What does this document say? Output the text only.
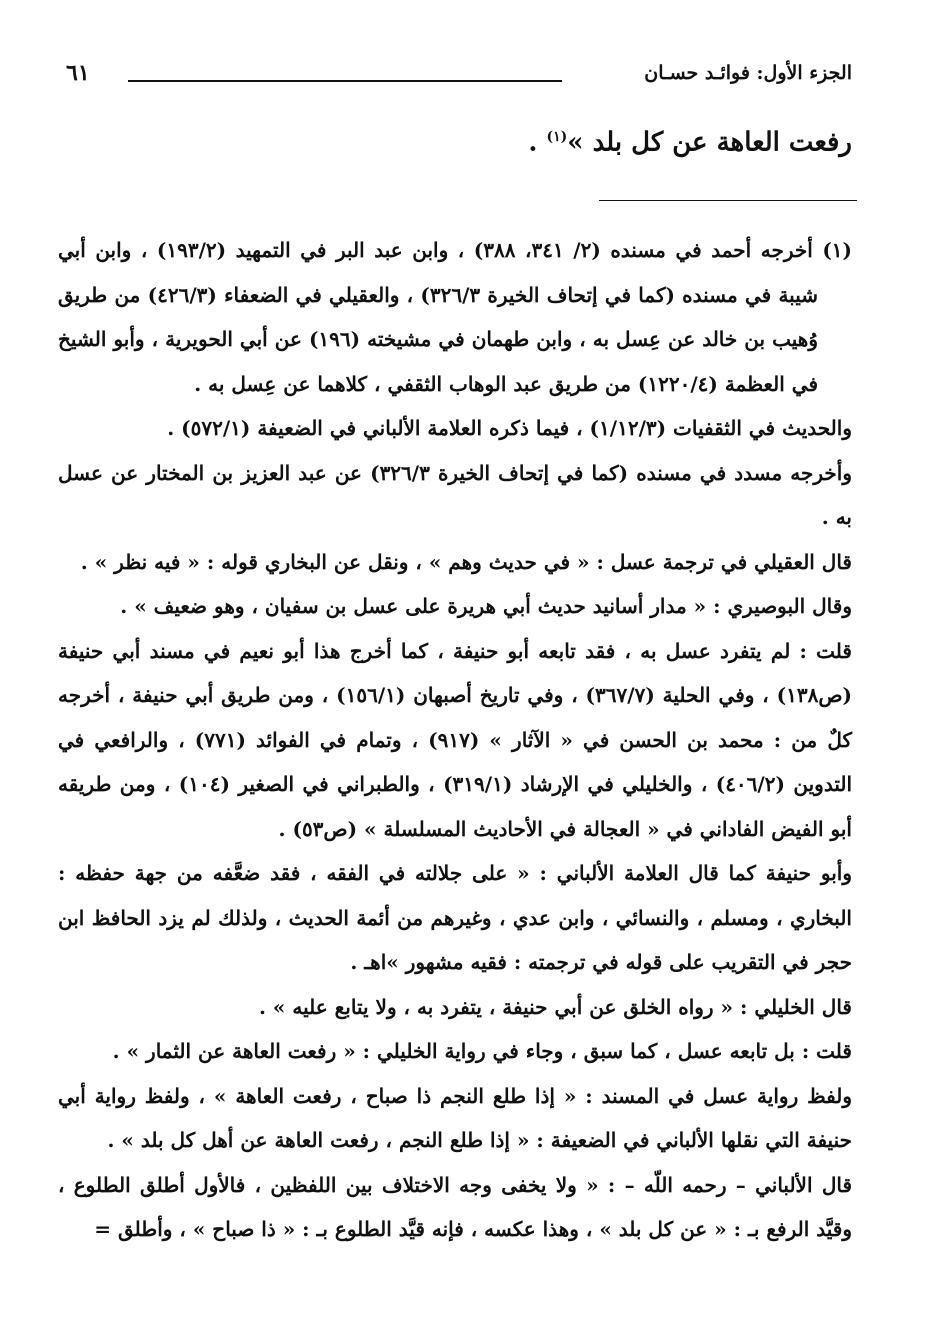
الجزء الأول: فوائـد حسـان
٦١
رفعت العاهة عن كل بلد »$^{(١)}$ .

(١) أخرجه أحمد في مسنده (٢/ ٣٤١، ٣٨٨) ، وابن عبد البر في التمهيد (١٩٣/٢) ، وابن أبي شيبة في مسنده (كما في إتحاف الخيرة ٣٢٦/٣) ، والعقيلي في الضعفاء (٤٢٦/٣) من طريق وُهيب بن خالد عن عِسل به ، وابن طهمان في مشيخته (١٩٦) عن أبي الحويرية ، وأبو الشيخ في العظمة (١٢٢٠/٤) من طريق عبد الوهاب الثقفي ، كلاهما عن عِسل به .

والحديث في الثقفيات (١/١٢/٣) ، فيما ذكره العلامة الألباني في الضعيفة (٥٧٢/١) .

وأخرجه مسدد في مسنده (كما في إتحاف الخيرة ٣٢٦/٣) عن عبد العزيز بن المختار عن عسل به .

قال العقيلي في ترجمة عسل : « في حديث وهم » ، ونقل عن البخاري قوله : « فيه نظر » .

وقال البوصيري : « مدار أسانيد حديث أبي هريرة على عسل بن سفيان ، وهو ضعيف » .

قلت : لم يتفرد عسل به ، فقد تابعه أبو حنيفة ، كما أخرج هذا أبو نعيم في مسند أبي حنيفة (ص١٣٨) ، وفي الحلية (٣٦٧/٧) ، وفي تاريخ أصبهان (١٥٦/١) ، ومن طريق أبي حنيفة ، أخرجه كلٌ من : محمد بن الحسن في « الآثار » (٩١٧) ، وتمام في الفوائد (٧٧١) ، والرافعي في التدوين (٤٠٦/٢) ، والخليلي في الإرشاد (٣١٩/١) ، والطبراني في الصغير (١٠٤) ، ومن طريقه أبو الفيض الفاداني في « العجالة في الأحاديث المسلسلة » (ص٥٣) .

وأبو حنيفة كما قال العلامة الألباني : « على جلالته في الفقه ، فقد ضعَّفه من جهة حفظه : البخاري ، ومسلم ، والنسائي ، وابن عدي ، وغيرهم من أئمة الحديث ، ولذلك لم يزد الحافظ ابن حجر في التقريب على قوله في ترجمته : فقيه مشهور »اهـ .

قال الخليلي : « رواه الخلق عن أبي حنيفة ، يتفرد به ، ولا يتابع عليه » .

قلت : بل تابعه عسل ، كما سبق ، وجاء في رواية الخليلي : « رفعت العاهة عن الثمار » .

ولفظ رواية عسل في المسند : « إذا طلع النجم ذا صباح ، رفعت العاهة » ، ولفظ رواية أبي حنيفة التي نقلها الألباني في الضعيفة : « إذا طلع النجم ، رفعت العاهة عن أهل كل بلد » .

قال الألباني – رحمه اللّه – : « ولا يخفى وجه الاختلاف بين اللفظين ، فالأول أطلق الطلوع ، وقيَّد الرفع بـ : « عن كل بلد » ، وهذا عكسه ، فإنه قيَّد الطلوع بـ : « ذا صباح » ، وأطلق =
